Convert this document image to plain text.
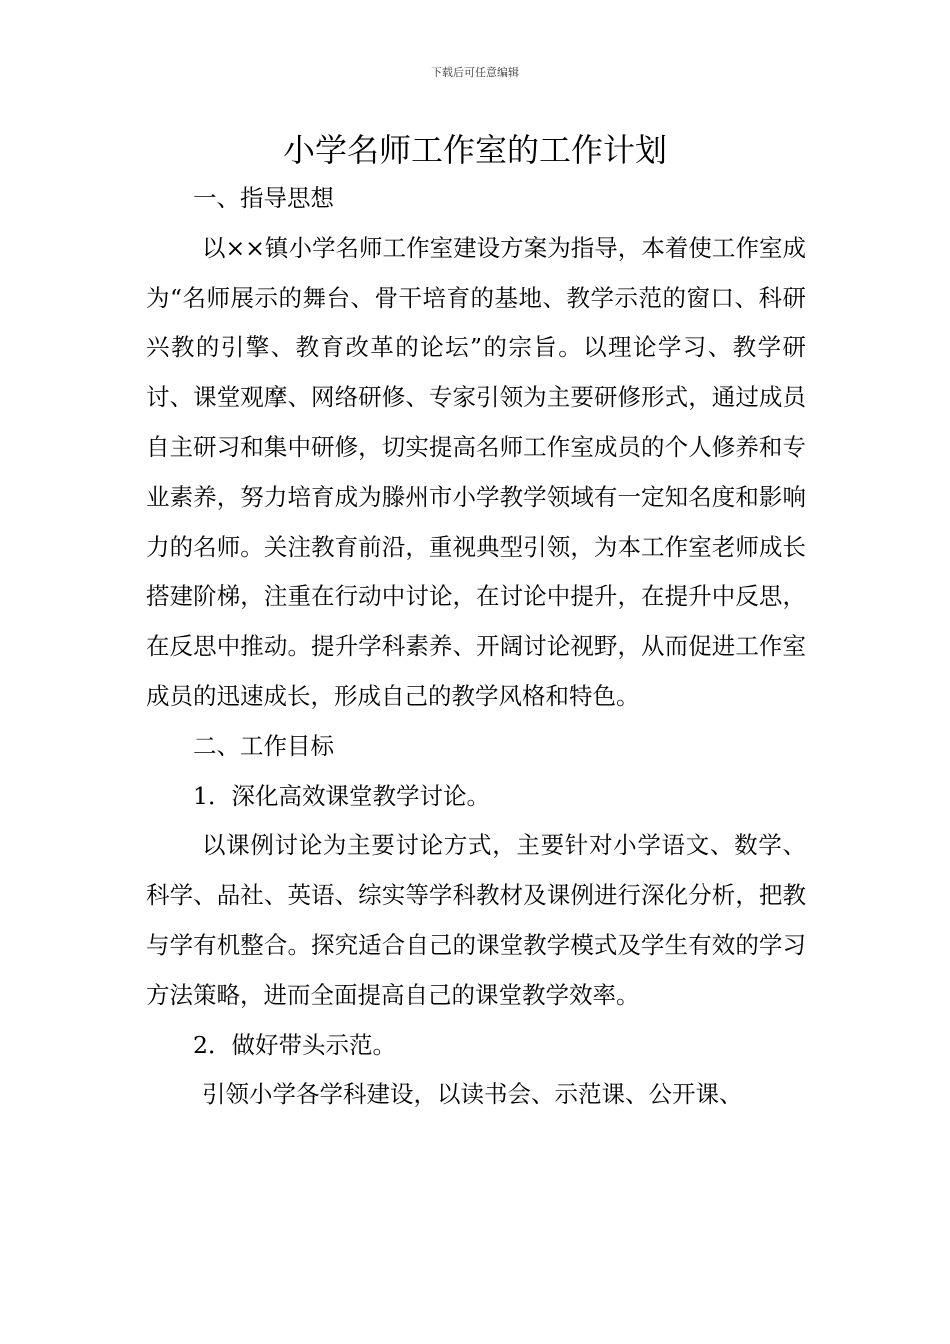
下载后可任意编辑
小学名师工作室的工作计划

一、指导思想

以××镇小学名师工作室建设方案为指导，本着使工作室成为“名师展示的舞台、骨干培育的基地、教学示范的窗口、科研兴教的引擎、教育改革的论坛”的宗旨。以理论学习、教学研讨、课堂观摩、网络研修、专家引领为主要研修形式，通过成员自主研习和集中研修，切实提高名师工作室成员的个人修养和专业素养，努力培育成为滕州市小学教学领域有一定知名度和影响力的名师。关注教育前沿，重视典型引领，为本工作室老师成长搭建阶梯，注重在行动中讨论，在讨论中提升，在提升中反思，在反思中推动。提升学科素养、开阔讨论视野，从而促进工作室成员的迅速成长，形成自己的教学风格和特色。

二、工作目标

1．深化高效课堂教学讨论。

以课例讨论为主要讨论方式，主要针对小学语文、数学、科学、品社、英语、综实等学科教材及课例进行深化分析，把教与学有机整合。探究适合自己的课堂教学模式及学生有效的学习方法策略，进而全面提高自己的课堂教学效率。

2．做好带头示范。

引领小学各学科建设，以读书会、示范课、公开课、
